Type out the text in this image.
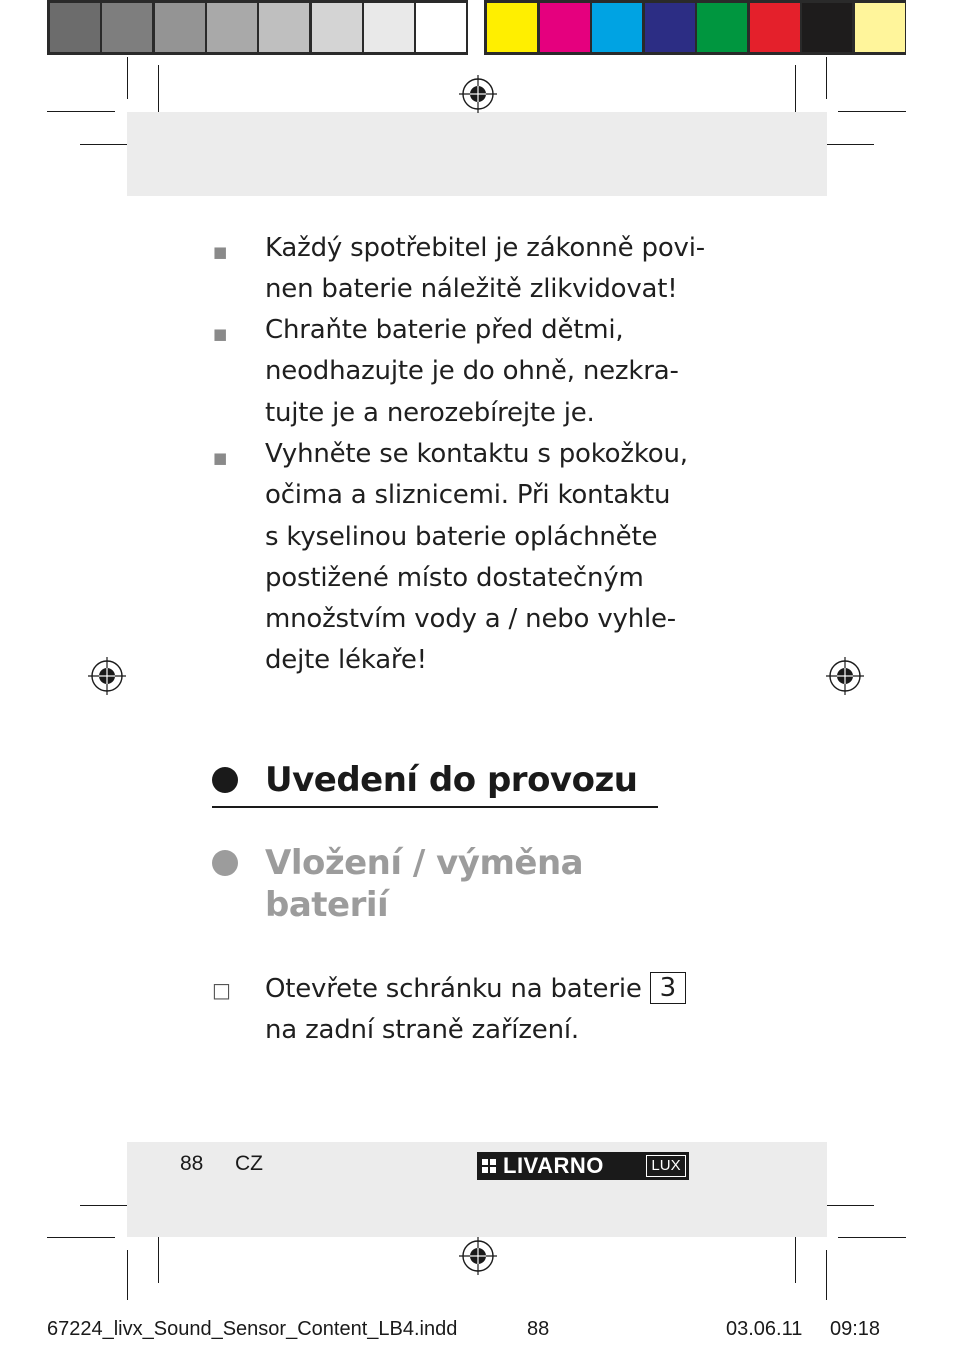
■ Každý spotřebitel je zákonně povi-
nen baterie náležitě zlikvidovat!
■ Chraňte baterie před dětmi,
neodhazujte je do ohně, nezkra-
tujte je a nerozebírejte je.
■ Vyhněte se kontaktu s pokožkou,
očima a sliznicemi. Při kontaktu
s kyselinou baterie opláchněte
postižené místo dostatečným
množstvím vody a / nebo vyhle-
dejte lékaře!
Uvedení do provozu
Vložení / výměna
baterií
□ Otevřete schránku na baterie 3
na zadní straně zařízení.
88 CZ	LIVARNO	LUX
67224_livx_Sound_Sensor_Content_LB4.indd	88	03.06.11 09:18
